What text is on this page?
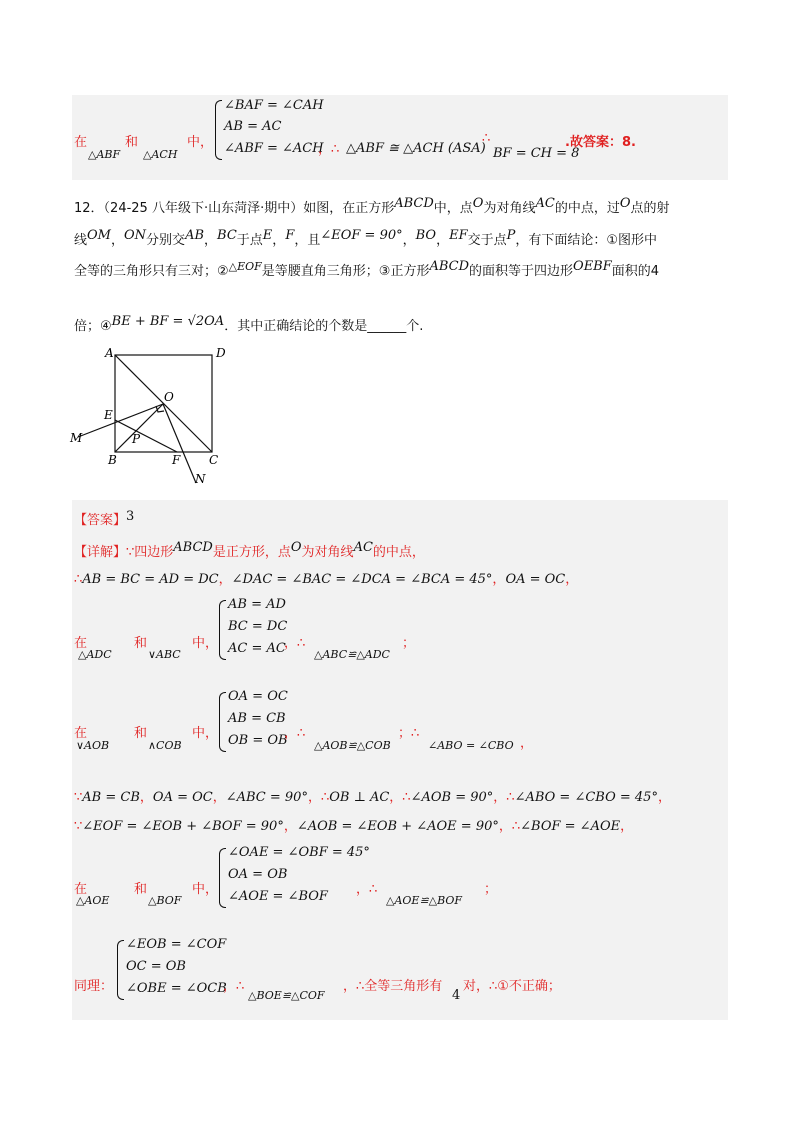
在
△ABF
和
△ACH
中，
∠BAF = ∠CAH
AB = AC
∠ABF = ∠ACH
，∴ △ABF ≅ △ACH (ASA)
∴
BF = CH = 8
.故答案：8.
12．（24-25 八年级下·山东菏泽·期中）如图，在正方形ABCD中，点O为对角线AC的中点，过O点的射
线OM，ON分别交AB，BC于点E，F，且∠EOF = 90°，BO，EF交于点P，有下面结论：①图形中
全等的三角形只有三对；②$^{\triangle EOF}$是等腰直角三角形；③正方形ABCD的面积等于四边形OEBF面积的4
倍；④BE + BF = √2OA．其中正确结论的个数是______个.
A	D
O
E
M	P
B	F C
N
【答案】3
【详解】∵四边形ABCD是正方形，点O为对角线AC的中点，
∴AB = BC = AD = DC，∠DAC = ∠BAC = ∠DCA = ∠BCA = 45°，OA = OC，
在
△ADC
和
∨ABC
中，
AB = AD
BC = DC
AC = AC
，∴
△ABC≌△ADC
；
在
∨AOB
和
∧COB
中，
OA = OC
AB = CB
OB = OB
，∴
△AOB≌△COB
；∴
∠ABO = ∠CBO ，
∵AB = CB，OA = OC，∠ABC = 90°，∴OB ⊥ AC，∴∠AOB = 90°，∴∠ABO = ∠CBO = 45°，
∵∠EOF = ∠EOB + ∠BOF = 90°，∠AOB = ∠EOB + ∠AOE = 90°，∴∠BOF = ∠AOE，
在
△AOE
和
△BOF
中，
∠OAE = ∠OBF = 45°
OA = OB
∠AOE = ∠BOF ，∴
△AOE≌△BOF
；
同理：
∠EOB = ∠COF
OC = OB
∠OBE = ∠OCB
，∴
△BOE≌△COF
，∴全等三角形有
4
对，∴①不正确；
